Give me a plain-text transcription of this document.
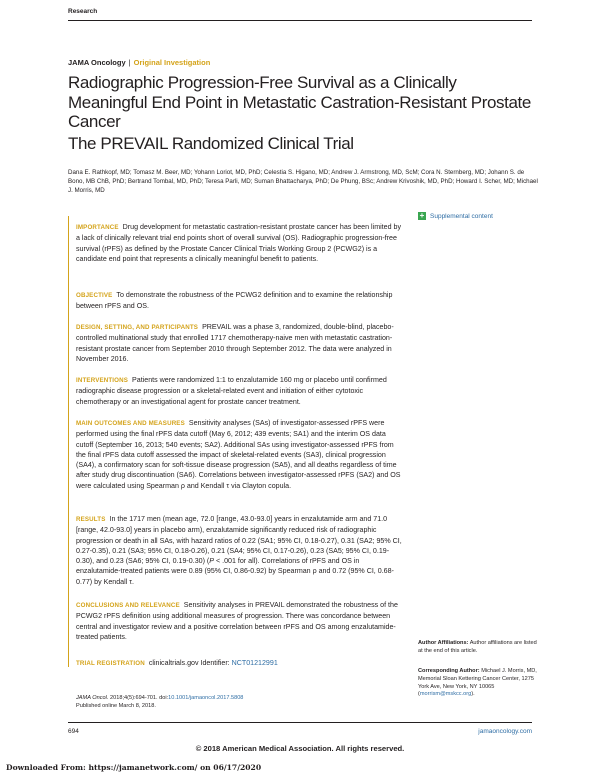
Research
JAMA Oncology | Original Investigation
Radiographic Progression-Free Survival as a Clinically Meaningful End Point in Metastatic Castration-Resistant Prostate Cancer
The PREVAIL Randomized Clinical Trial
Dana E. Rathkopf, MD; Tomasz M. Beer, MD; Yohann Loriot, MD, PhD; Celestia S. Higano, MD; Andrew J. Armstrong, MD, ScM; Cora N. Sternberg, MD; Johann S. de Bono, MB ChB, PhD; Bertrand Tombal, MD, PhD; Teresa Parli, MD; Suman Bhattacharya, PhD; De Phung, BSc; Andrew Krivoshik, MD, PhD; Howard I. Scher, MD; Michael J. Morris, MD
+ Supplemental content

IMPORTANCE Drug development for metastatic castration-resistant prostate cancer has been limited by a lack of clinically relevant trial end points short of overall survival (OS). Radiographic progression-free survival (rPFS) as defined by the Prostate Cancer Clinical Trials Working Group 2 (PCWG2) is a candidate end point that represents a clinically meaningful benefit to patients.

OBJECTIVE To demonstrate the robustness of the PCWG2 definition and to examine the relationship between rPFS and OS.

DESIGN, SETTING, AND PARTICIPANTS PREVAIL was a phase 3, randomized, double-blind, placebo-controlled multinational study that enrolled 1717 chemotherapy-naive men with metastatic castration-resistant prostate cancer from September 2010 through September 2012. The data were analyzed in November 2016.

INTERVENTIONS Patients were randomized 1:1 to enzalutamide 160 mg or placebo until confirmed radiographic disease progression or a skeletal-related event and initiation of either cytotoxic chemotherapy or an investigational agent for prostate cancer treatment.

MAIN OUTCOMES AND MEASURES Sensitivity analyses (SAs) of investigator-assessed rPFS were performed using the final rPFS data cutoff (May 6, 2012; 439 events; SA1) and the interim OS data cutoff (September 16, 2013; 540 events; SA2). Additional SAs using investigator-assessed rPFS from the final rPFS data cutoff assessed the impact of skeletal-related events (SA3), clinical progression (SA4), a confirmatory scan for soft-tissue disease progression (SA5), and all deaths regardless of time after study drug discontinuation (SA6). Correlations between investigator-assessed rPFS (SA2) and OS were calculated using Spearman ρ and Kendall τ via Clayton copula.

RESULTS In the 1717 men (mean age, 72.0 [range, 43.0-93.0] years in enzalutamide arm and 71.0 [range, 42.0-93.0] years in placebo arm), enzalutamide significantly reduced risk of radiographic progression or death in all SAs, with hazard ratios of 0.22 (SA1; 95% CI, 0.18-0.27), 0.31 (SA2; 95% CI, 0.27-0.35), 0.21 (SA3; 95% CI, 0.18-0.26), 0.21 (SA4; 95% CI, 0.17-0.26), 0.23 (SA5; 95% CI, 0.19-0.30), and 0.23 (SA6; 95% CI, 0.19-0.30) (P < .001 for all). Correlations of rPFS and OS in enzalutamide-treated patients were 0.89 (95% CI, 0.86-0.92) by Spearman ρ and 0.72 (95% CI, 0.68-0.77) by Kendall τ.

CONCLUSIONS AND RELEVANCE Sensitivity analyses in PREVAIL demonstrated the robustness of the PCWG2 rPFS definition using additional measures of progression. There was concordance between central and investigator review and a positive correlation between rPFS and OS among enzalutamide-treated patients.

TRIAL REGISTRATION clinicaltrials.gov Identifier: NCT01212991

Author Affiliations: Author affiliations are listed at the end of this article.
Corresponding Author: Michael J. Morris, MD, Memorial Sloan Kettering Cancer Center, 1275 York Ave, New York, NY 10065 (morrism@mskcc.org).
JAMA Oncol. 2018;4(5):694-701. doi:10.1001/jamaoncol.2017.5808
Published online March 8, 2018.
694	jamaoncology.com
© 2018 American Medical Association. All rights reserved.
Downloaded From: https://jamanetwork.com/ on 06/17/2020
